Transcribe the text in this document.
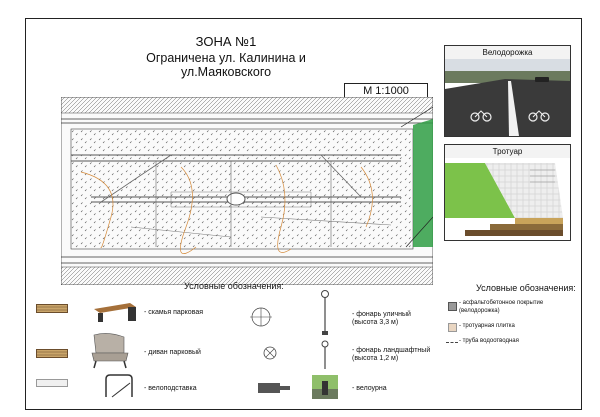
ЗОНА №1
Ограничена ул. Калинина и ул.Маяковского
М 1:1000
Велодорожка
Тротуар
Условные обозначения:
- скамья парковая
- диван парковый
- велоподставка
- фонарь уличный
(высота 3,3 м)
- фонарь ландшафтный
(высота 1,2 м)
- велоурна
Условные обозначения:
- асфальтобетонное покрытие
(велодорожка)
- тротуарная плитка
- труба водоотводная
